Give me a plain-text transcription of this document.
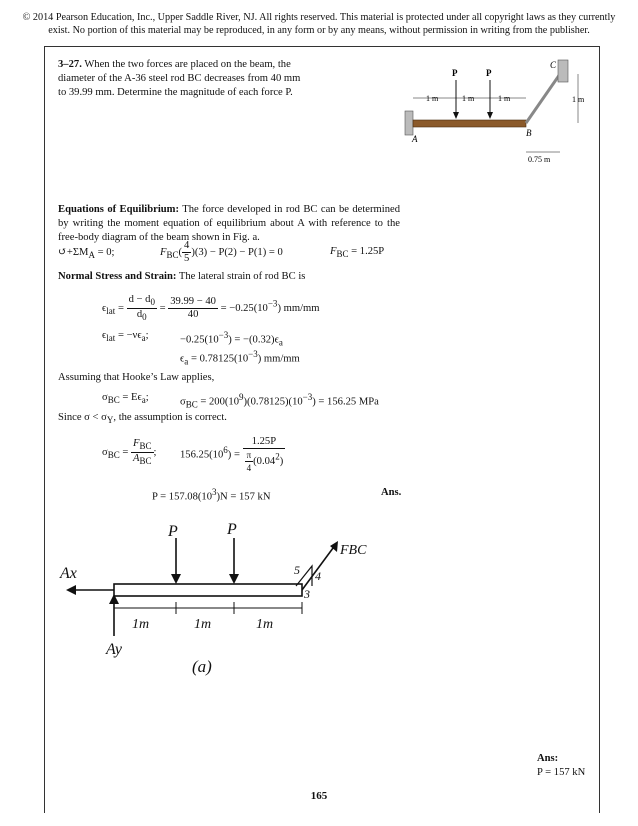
© 2014 Pearson Education, Inc., Upper Saddle River, NJ. All rights reserved. This material is protected under all copyright laws as they currently
exist. No portion of this material may be reproduced, in any form or by any means, without permission in writing from the publisher.
3–27. When the two forces are placed on the beam, the diameter of the A-36 steel rod BC decreases from 40 mm to 39.99 mm. Determine the magnitude of each force P.
P	P
C
B
A
1 m	1 m	1 m	1 m
0.75 m
Equations of Equilibrium: The force developed in rod BC can be determined by writing the moment equation of equilibrium about A with reference to the free-body diagram of the beam shown in Fig. a.
$↺+\Sigma M_A = 0$;	$F_{BC}( \frac{4}{5} )(3) - P(2) - P(1) = 0$	$F_{BC} = 1.25P$
Normal Stress and Strain: The lateral strain of rod BC is
$\epsilon_{lat} = \frac{d - d_0}{d_0} = \frac{39.99 - 40}{40} = -0.25(10^{-3})$ mm/mm
$\epsilon_{lat} = -\nu\epsilon_a$;	$-0.25(10^{-3}) = -(0.32)\epsilon_a$
$\epsilon_a = 0.78125(10^{-3})$ mm/mm
Assuming that Hooke’s Law applies,
$\sigma_{BC} = E\epsilon_a$;	$\sigma_{BC} = 200(10^9)(0.78125)(10^{-3}) = 156.25$ MPa
Since $\sigma < \sigma_Y$, the assumption is correct.
$\sigma_{BC} = \frac{F_{BC}}{A_{BC}}$ ; $156.25(10^6) = \frac{1.25P}{\frac{\pi}{4} (0.04^2)}$
$P = 157.08(10^3)N = 157$ kN	Ans.
Ax
Ay
P	P
FBC
5 4
3
1m	1m	1m
(a)
Ans:
P = 157 kN
165
